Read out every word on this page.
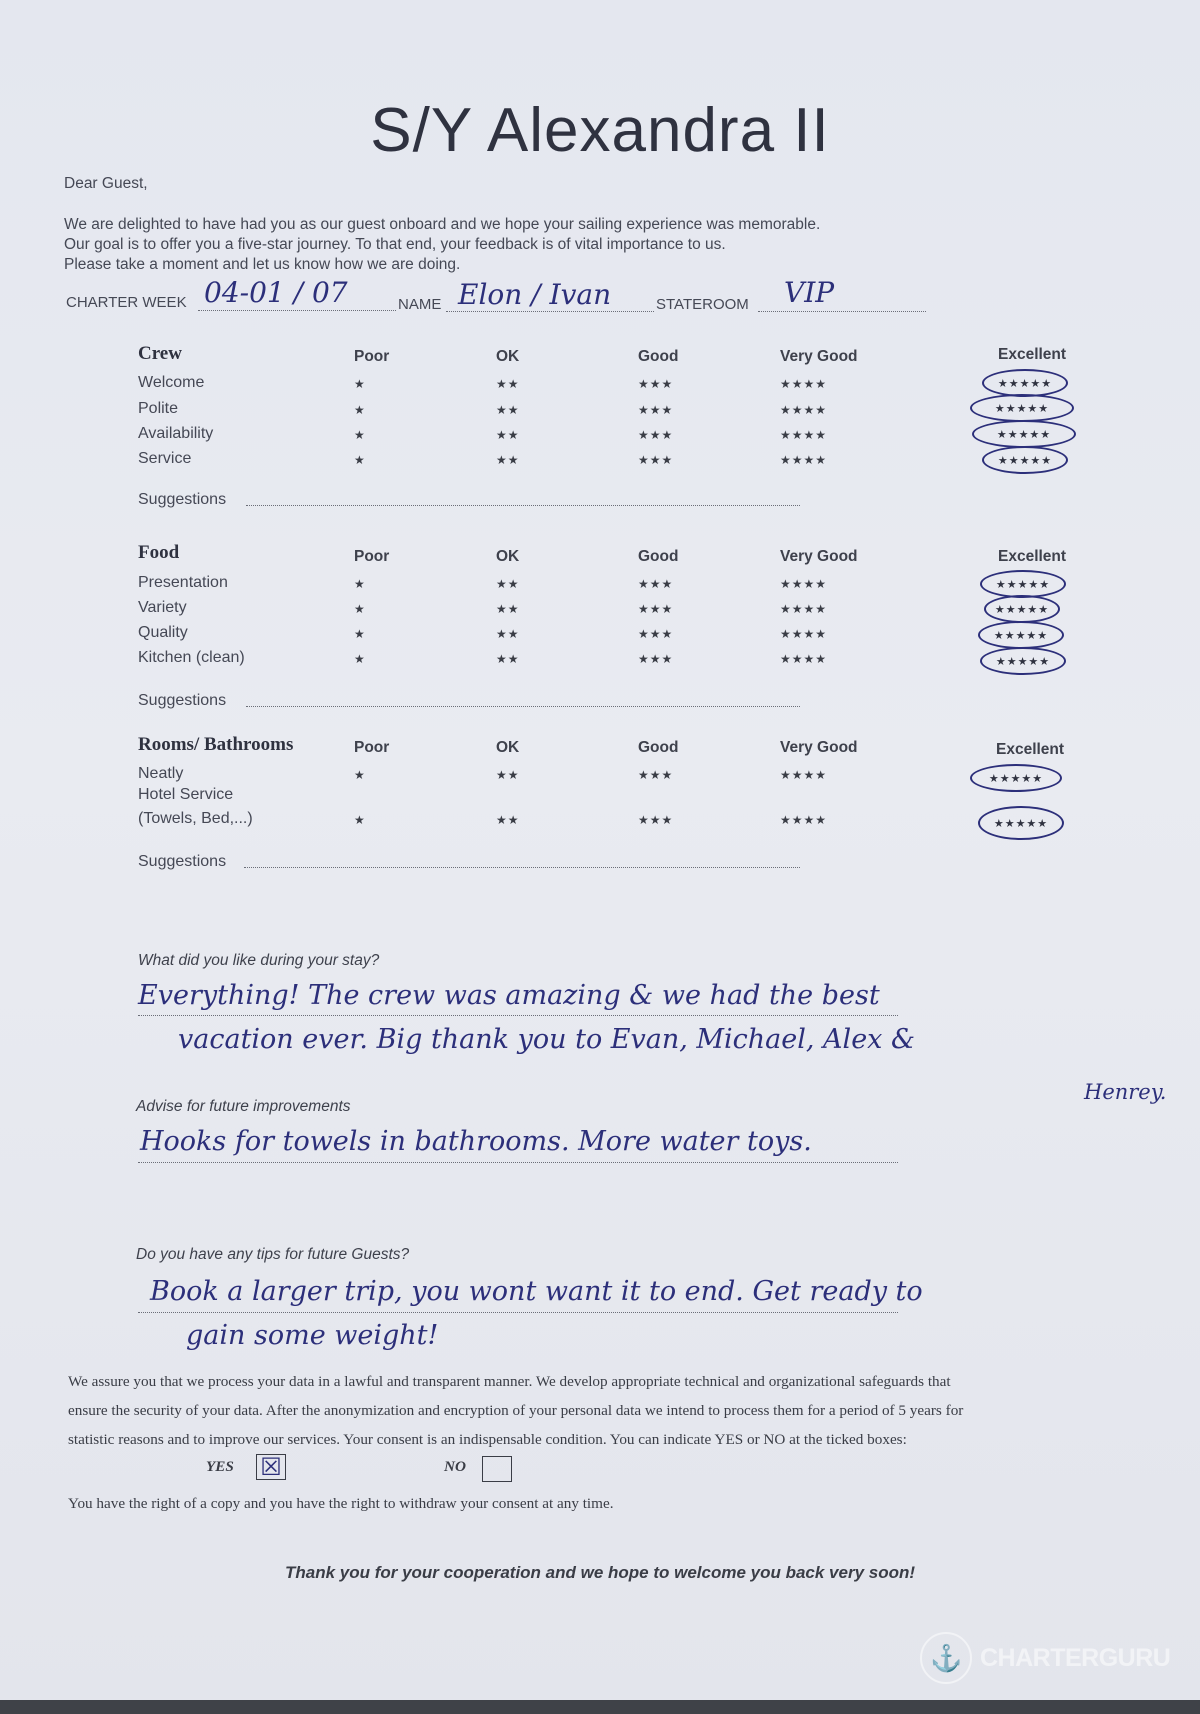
S/Y Alexandra II
Dear Guest,
We are delighted to have had you as our guest onboard and we hope your sailing experience was memorable.
Our goal is to offer you a five-star journey. To that end, your feedback is of vital importance to us.
Please take a moment and let us know how we are doing.
CHARTER WEEK 04-01 / 07	NAME Elon / Ivan	STATEROOM VIP
Crew	Poor	OK	Good	Very Good	Excellent
Welcome	★	★★	★★★	★★★★	★★★★★
Polite	★	★★	★★★	★★★★	★★★★★
Availability	★	★★	★★★	★★★★	★★★★★
Service	★	★★	★★★	★★★★	★★★★★
Suggestions
Food	Poor	OK	Good	Very Good	Excellent
Presentation	★	★★	★★★	★★★★	★★★★★
Variety	★	★★	★★★	★★★★	★★★★★
Quality	★	★★	★★★	★★★★	★★★★★
Kitchen (clean)	★	★★	★★★	★★★★	★★★★★
Suggestions
Rooms/ Bathrooms	Poor	OK	Good	Very Good	Excellent
Neatly	★	★★	★★★	★★★★	★★★★★
Hotel Service
(Towels, Bed,...)	★	★★	★★★	★★★★	★★★★★
Suggestions
What did you like during your stay?
Everything! The crew was amazing & we had the best
vacation ever. Big thank you to Evan, Michael, Alex &
Henrey.
Advise for future improvements
Hooks for towels in bathrooms. More water toys.
Do you have any tips for future Guests?
Book a larger trip, you wont want it to end. Get ready to
gain some weight!
We assure you that we process your data in a lawful and transparent manner. We develop appropriate technical and organizational safeguards that
ensure the security of your data. After the anonymization and encryption of your personal data we intend to process them for a period of 5 years for
statistic reasons and to improve our services. Your consent is an indispensable condition. You can indicate YES or NO at the ticked boxes:
YES ☒	NO
You have the right of a copy and you have the right to withdraw your consent at any time.
Thank you for your cooperation and we hope to welcome you back very soon!
⚓ CHARTERGURU
